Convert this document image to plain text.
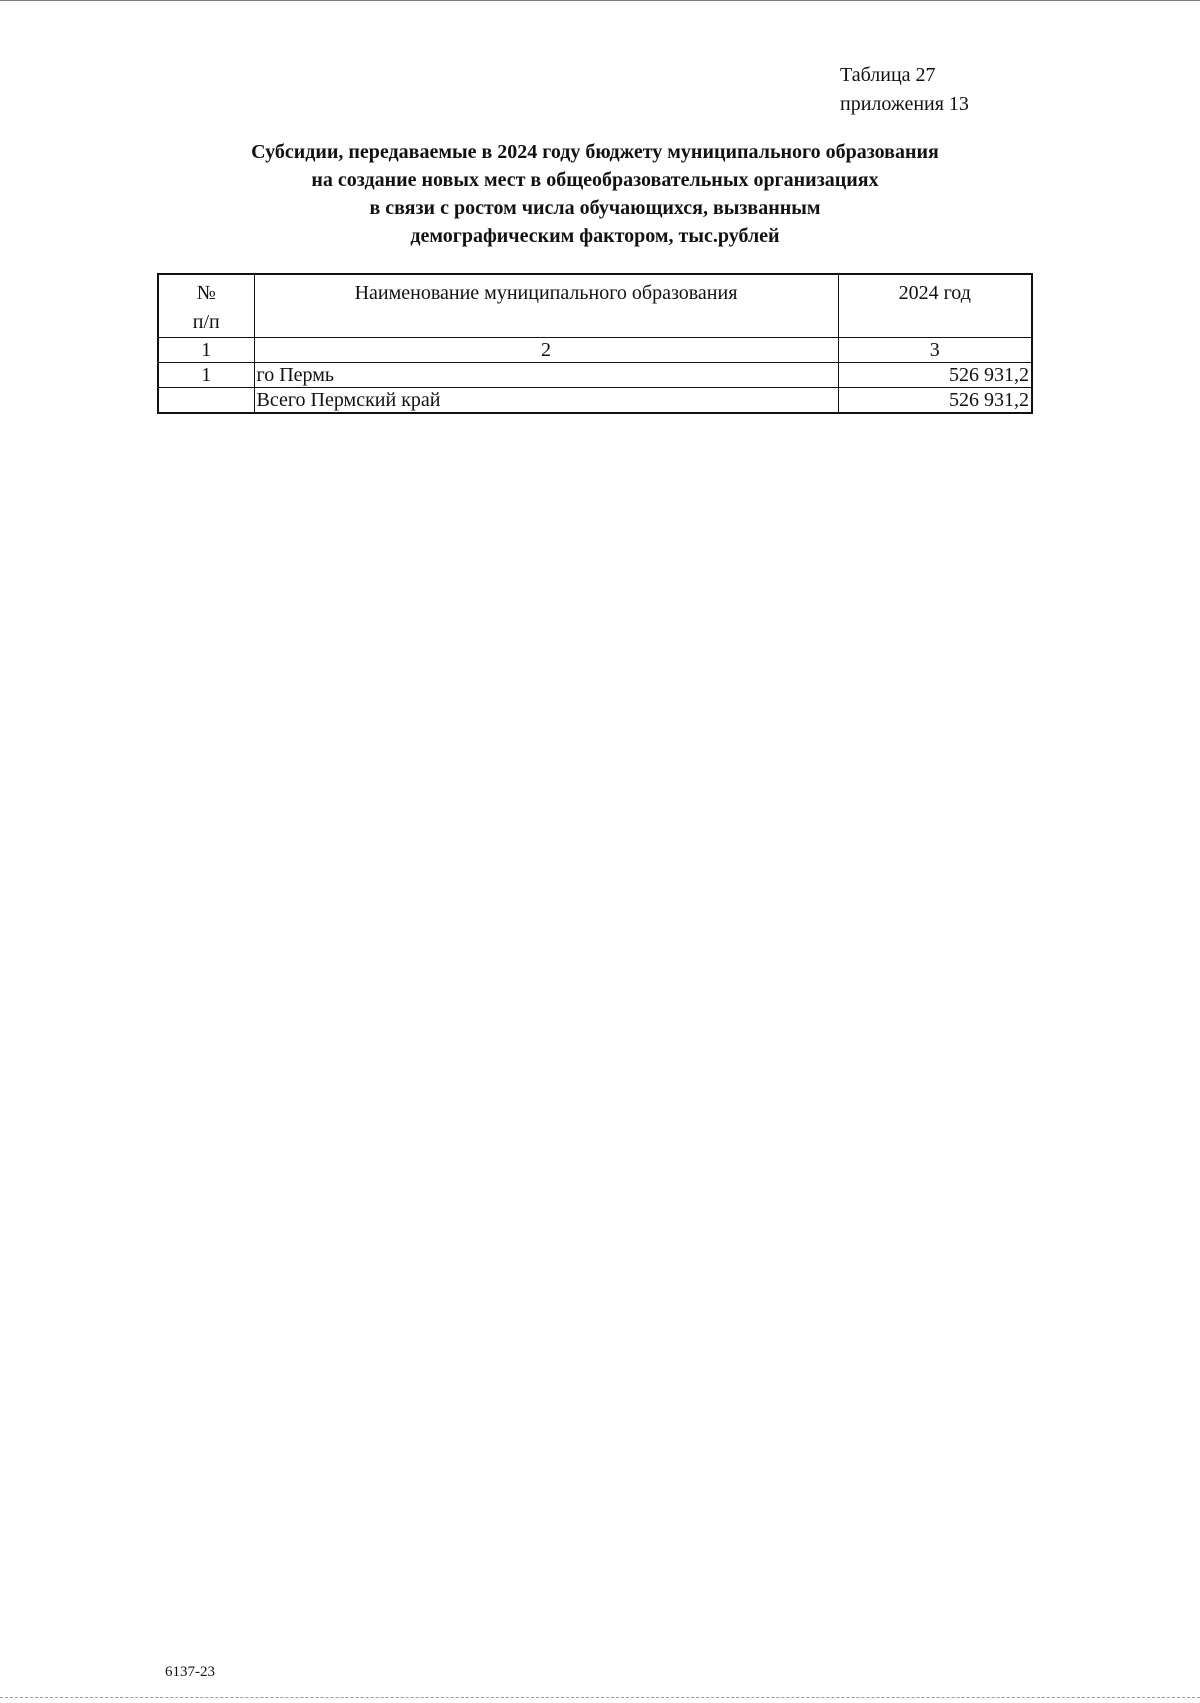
Таблица 27
приложения 13
Субсидии, передаваемые в 2024 году бюджету муниципального образования
на создание новых мест в общеобразовательных организациях
в связи с ростом числа обучающихся, вызванным
демографическим фактором, тыс.рублей
№
п/п	Наименование муниципального образования	2024 год
1	2	3
1	го Пермь	526 931,2
	Всего Пермский край	526 931,2
6137-23
